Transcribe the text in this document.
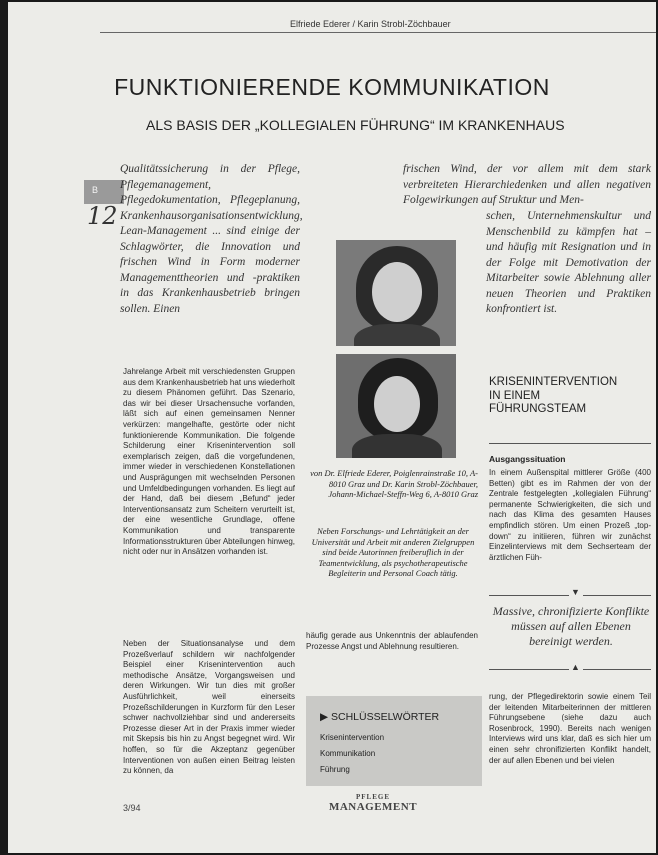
Elfriede Ederer / Karin Strobl-Zöchbauer
FUNKTIONIERENDE KOMMUNIKATION
ALS BASIS DER „KOLLEGIALEN FÜHRUNG“ IM KRANKENHAUS
B
12
Qualitätssicherung in der Pflege, Pflegemanagement, Pflegedokumentation, Pflegeplanung, Krankenhausorganisationsentwicklung, Lean-Management ... sind einige der Schlagwörter, die Innovation und frischen Wind in Form moderner Managementtheorien und -praktiken in das Krankenhausbetrieb bringen sollen. Einen
frischen Wind, der vor allem mit dem stark verbreiteten Hierarchiedenken und allen negativen Folgewirkungen auf Struktur und Men-
schen, Unternehmenskultur und Menschenbild zu kämpfen hat – und häufig mit Resignation und in der Folge mit Demotivation der Mitarbeiter sowie Ablehnung aller neuen Theorien und Praktiken konfrontiert ist.
von Dr. Elfriede Ederer, Poiglenrainstraße 10, A-8010 Graz und Dr. Karin Strobl-Zöchbauer, Johann-Michael-Steffn-Weg 6, A-8010 Graz
Neben Forschungs- und Lehrtätigkeit an der Universität und Arbeit mit anderen Zielgruppen sind beide Autorinnen freiberuflich in der Teamentwicklung, als psychotherapeutische Begleiterin und Personal Coach tätig.
Jahrelange Arbeit mit verschiedensten Gruppen aus dem Krankenhausbetrieb hat uns wiederholt zu diesem Phänomen geführt. Das Szenario, das wir bei dieser Ursachensuche vorfanden, läßt sich auf einen gemeinsamen Nenner verkürzen: mangelhafte, gestörte oder nicht funktionierende Kommunikation. Die folgende Schilderung einer Krisenintervention soll exemplarisch zeigen, daß die vorgefundenen, immer wieder in verschiedenen Konstellationen und Ausprägungen mit wechselnden Personen und Umfeldbedingungen vorhanden. Es liegt auf der Hand, daß bei diesem „Befund“ jeder Interventionsansatz zum Scheitern verurteilt ist, der eine wesentliche Grundlage, offene Kommunikation und transparente Informationsstrukturen über Abteilungen hinweg, nicht oder nur in Ansätzen vorhanden ist.
Neben der Situationsanalyse und dem Prozeßverlauf schildern wir nachfolgender Beispiel einer Krisenintervention auch methodische Ansätze, Vorgangsweisen und deren Wirkungen. Wir tun dies mit großer Ausführlichkeit, weil einerseits Prozeßschilderungen in Kurzform für den Leser schwer nachvollziehbar sind und andererseits Prozesse dieser Art in der Praxis immer wieder mit Skepsis bis hin zu Angst begegnet wird. Wir hoffen, so für die Akzeptanz gegenüber Interventionen von außen einen Beitrag leisten zu können, da
häufig gerade aus Unkenntnis der ablaufenden Prozesse Angst und Ablehnung resultieren.
▶ SCHLÜSSELWÖRTER
Krisenintervention
Kommunikation
Führung
KRISENINTERVENTION
IN EINEM
FÜHRUNGSTEAM
Ausgangssituation
In einem Außenspital mittlerer Größe (400 Betten) gibt es im Rahmen der von der Zentrale festgelegten „kollegialen Führung“ permanente Schwierigkeiten, die sich und nach das Klima des gesamten Hauses empfindlich stören. Um einen Prozeß „top-down“ zu initiieren, führen wir zunächst Einzelinterviews mit dem Sechserteam der ärztlichen Füh-
▼
Massive, chronifizierte Konflikte müssen auf allen Ebenen bereinigt werden.
▲
rung, der Pflegedirektorin sowie einem Teil der leitenden Mitarbeiterinnen der mittleren Führungsebene (siehe dazu auch Rosenbrock, 1990). Bereits nach wenigen Interviews wird uns klar, daß es sich hier um einen sehr chronifizierten Konflikt handelt, der auf allen Ebenen und bei vielen
3/94
PFLEGE
MANAGEMENT
